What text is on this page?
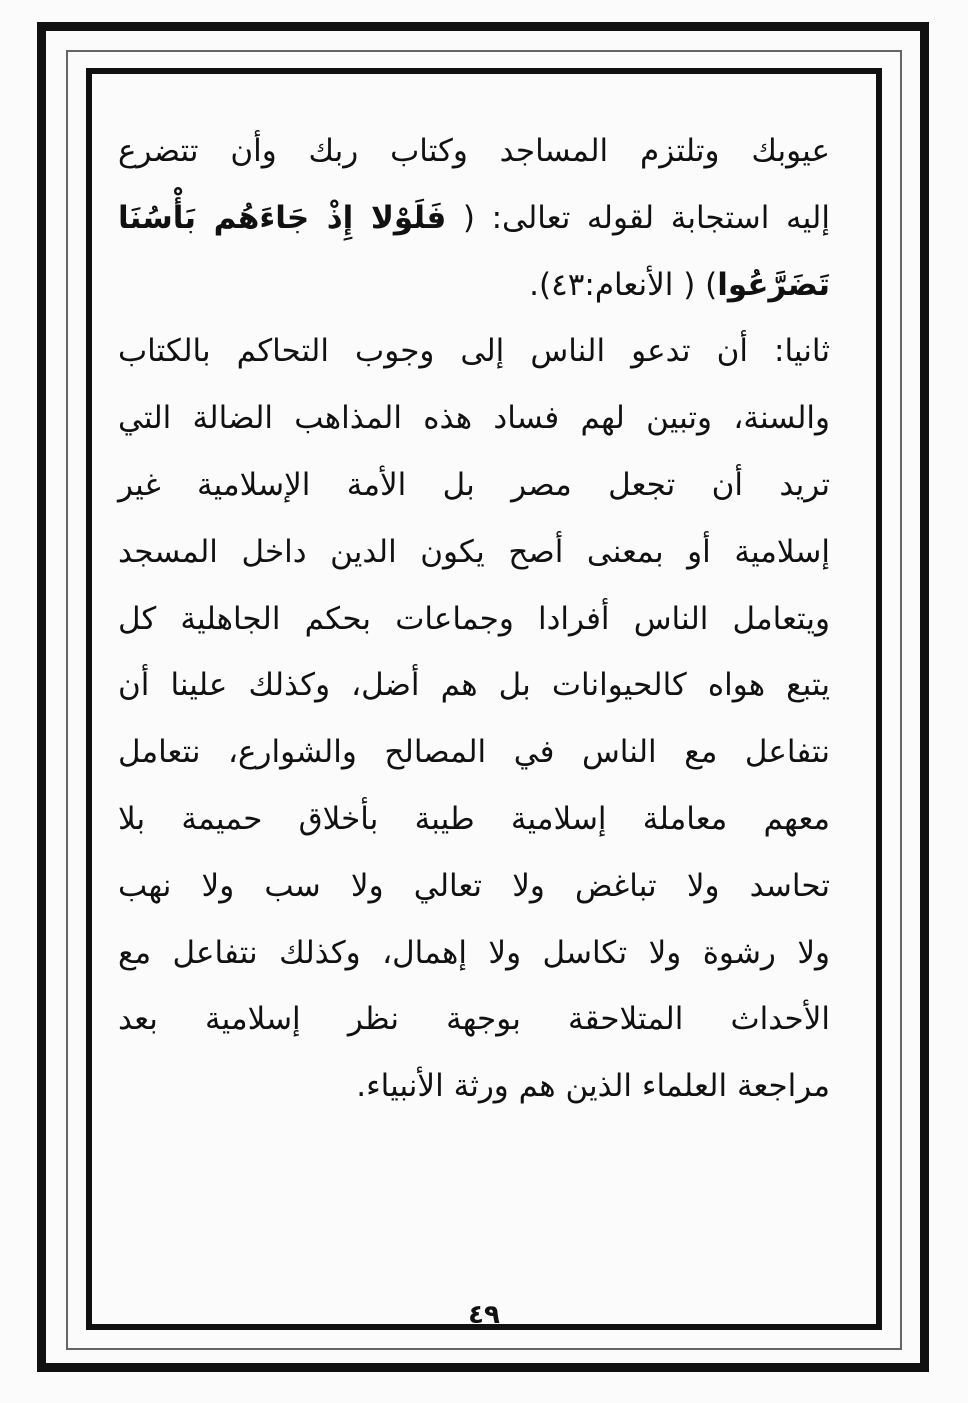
عيوبك وتلتزم المساجد وكتاب ربك وأن تتضرع
إليه استجابة لقوله تعالى: ( فَلَوْلا إِذْ جَاءَهُم بَأْسُنَا
تَضَرَّعُوا) ( الأنعام:٤٣).
ثانيا: أن تدعو الناس إلى وجوب التحاكم بالكتاب
والسنة، وتبين لهم فساد هذه المذاهب الضالة التي
تريد أن تجعل مصر بل الأمة الإسلامية غير
إسلامية أو بمعنى أصح يكون الدين داخل المسجد
ويتعامل الناس أفرادا وجماعات بحكم الجاهلية كل
يتبع هواه كالحيوانات بل هم أضل، وكذلك علينا أن
نتفاعل مع الناس في المصالح والشوارع، نتعامل
معهم معاملة إسلامية طيبة بأخلاق حميمة بلا
تحاسد ولا تباغض ولا تعالي ولا سب ولا نهب
ولا رشوة ولا تكاسل ولا إهمال، وكذلك نتفاعل مع
الأحداث المتلاحقة بوجهة نظر إسلامية بعد
مراجعة العلماء الذين هم ورثة الأنبياء.
٤٩
